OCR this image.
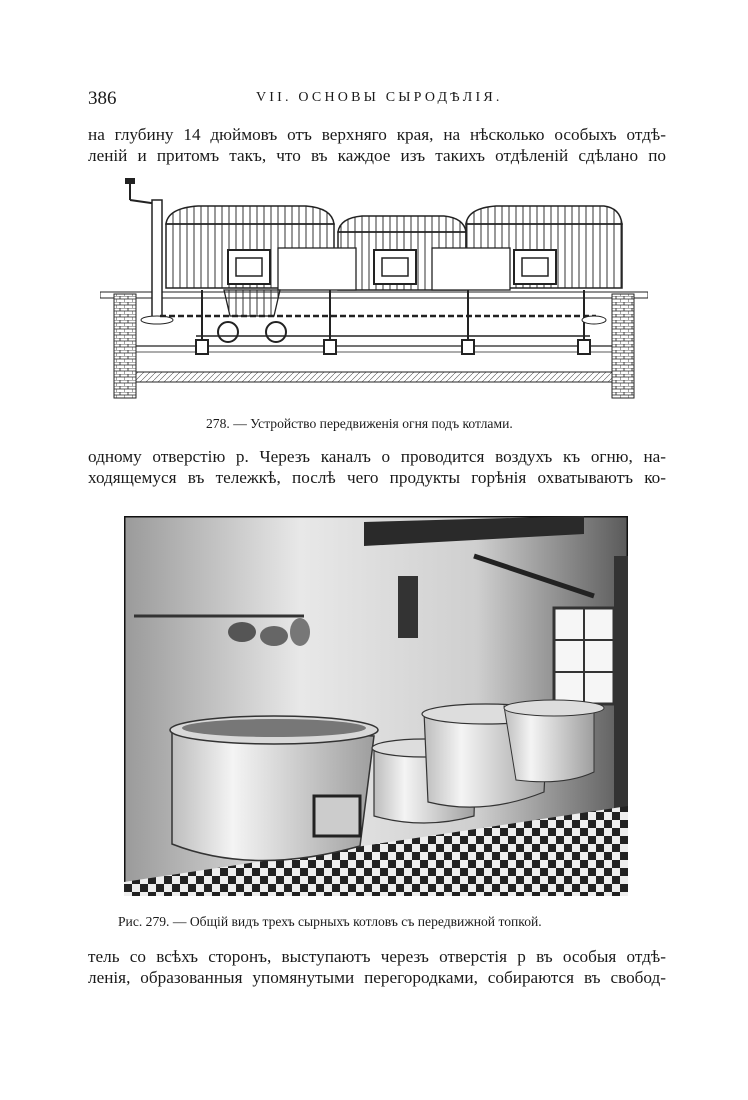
386	VII. ОСНОВЫ СЫРОДѢЛІЯ.

на глубину 14 дюймовъ отъ верхняго края, на нѣсколько особыхъ отдѣ-
леній и притомъ такъ, что въ каждое изъ такихъ отдѣленій сдѣлано по

278. — Устройство передвиженія огня подъ котлами.

одному отверстію p. Черезъ каналъ o проводится воздухъ къ огню, на-
ходящемуся въ тележкѣ, послѣ чего продукты горѣнія охватываютъ ко-

Рис. 279. — Общій видъ трехъ сырныхъ котловъ съ передвижной топкой.

тель со всѣхъ сторонъ, выступаютъ черезъ отверстія p въ особыя отдѣ-
ленія, образованныя упомянутыми перегородками, собираются въ свобод-
